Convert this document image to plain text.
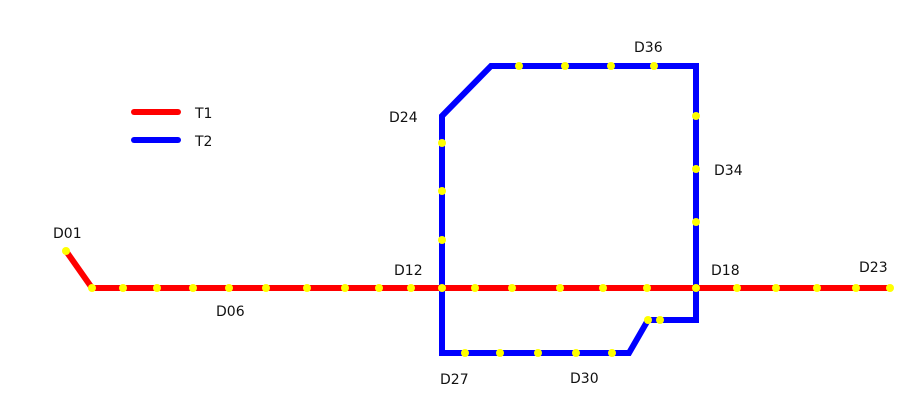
T1
T2
D01
D06
D12	D18	D23
D24
D27	D30
D34
D36
